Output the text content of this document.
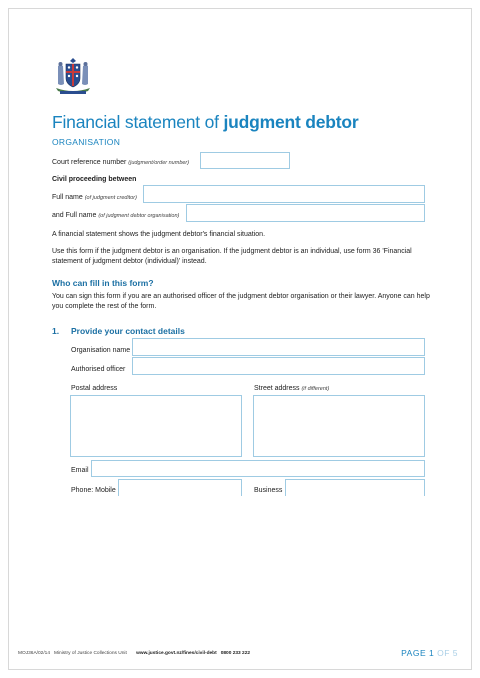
Financial statement of judgment debtor
ORGANISATION
Court reference number (judgment/order number)
Civil proceeding between
Full name (of judgment creditor)
and Full name (of judgment debtor organisation)
A financial statement shows the judgment debtor's financial situation.
Use this form if the judgment debtor is an organisation. If the judgment debtor is an individual, use form 36 'Financial statement of judgment debtor (individual)' instead.
Who can fill in this form?
You can sign this form if you are an authorised officer of the judgment debtor organisation or their lawyer. Anyone can help you complete the rest of the form.
1. Provide your contact details
Organisation name
Authorised officer
Postal address	Street address (if different)
Email
Phone: Mobile	Business
MOJ36A/02/14 Ministry of Justice Collections Unit www.justice.govt.nz/fines/civil-debt 0800 233 222	PAGE 1 OF 5
